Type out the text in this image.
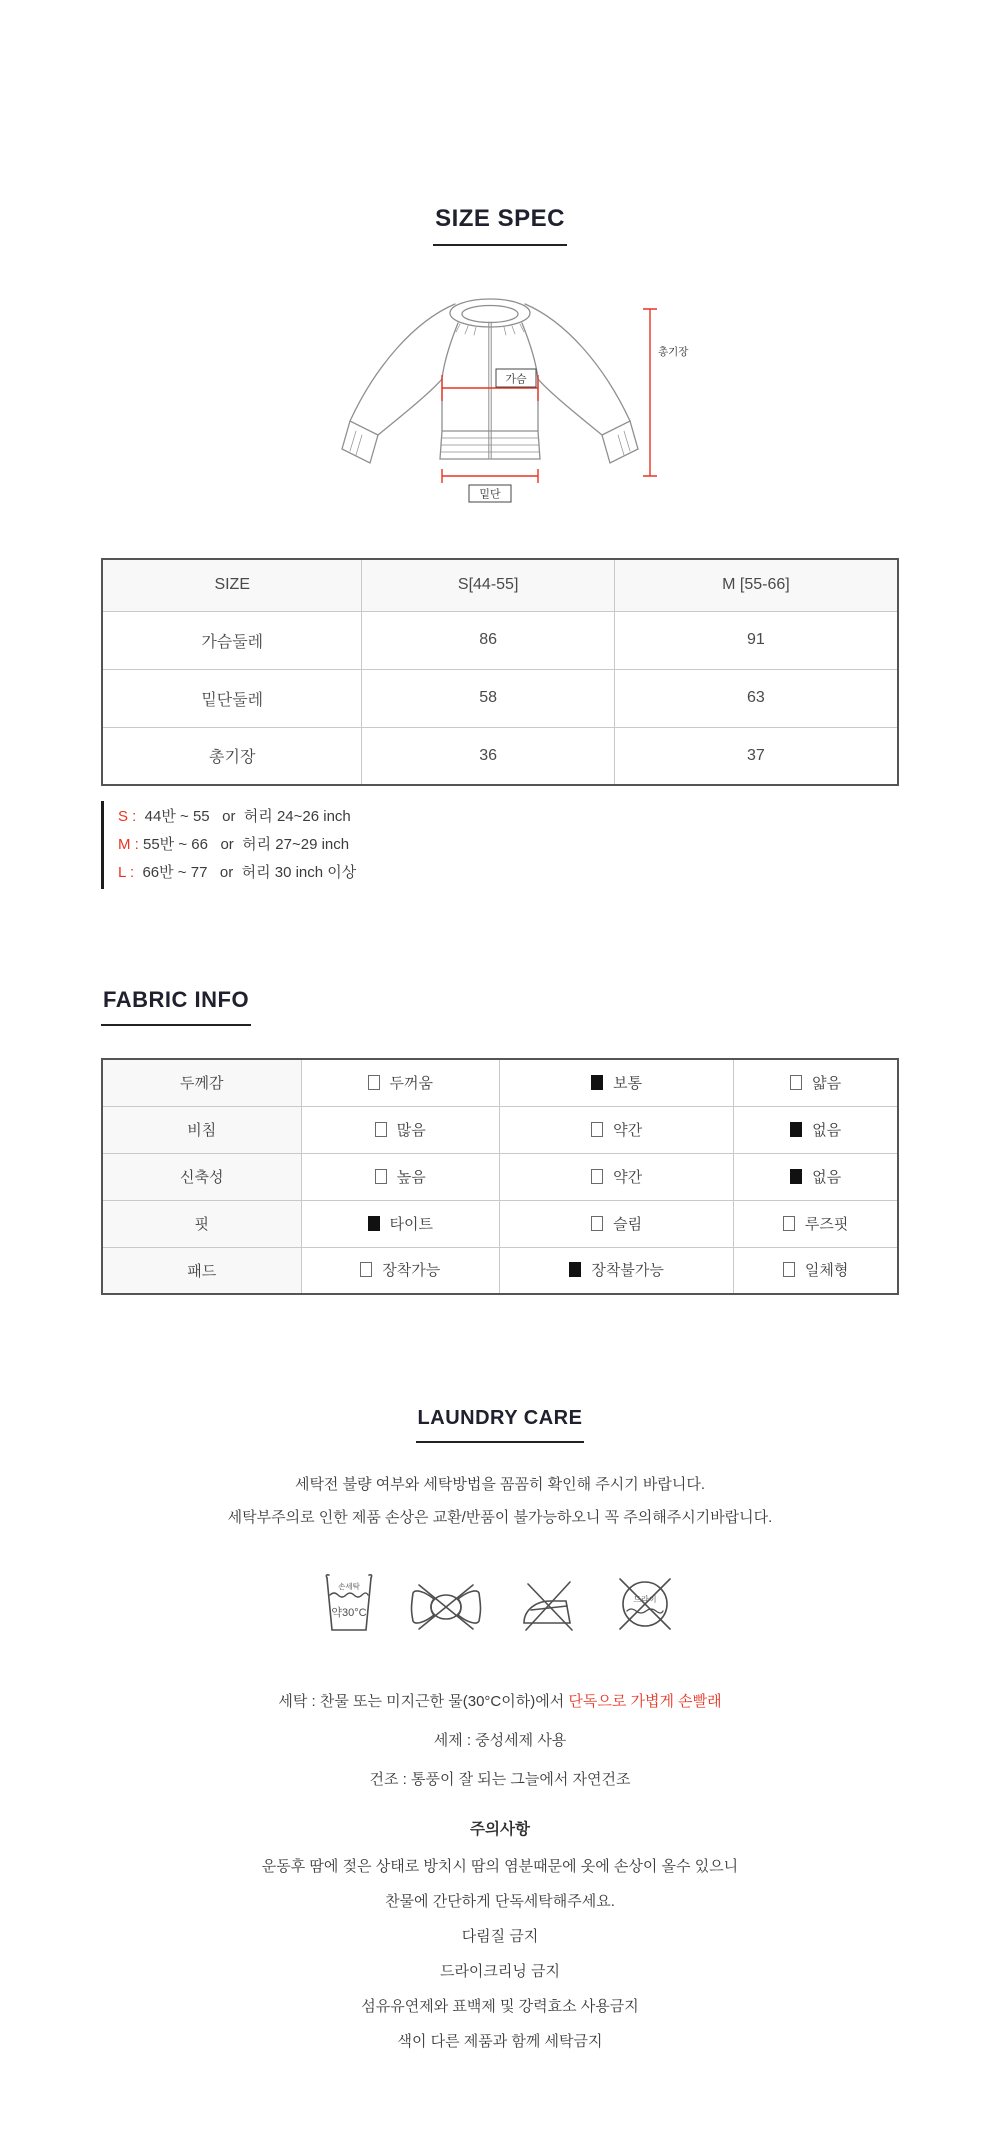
SIZE SPEC
가슴
밑단
총기장
SIZE	S[44-55]	M [55-66]
가슴둘레	86	91
밑단둘레	58	63
총기장	36	37
S :  44반 ~ 55   or  허리 24~26 inch
M : 55반 ~ 66   or  허리 27~29 inch
L :  66반 ~ 77   or  허리 30 inch 이상
FABRIC INFO
두께감	두꺼움	보통	얇음

비침	많음	약간	없음

신축성	높음	약간	없음

핏	타이트	슬림	루즈핏

패드	장착가능	장착불가능	일체형
LAUNDRY CARE

세탁전 불량 여부와 세탁방법을 꼼꼼히 확인해 주시기 바랍니다.

세탁부주의로 인한 제품 손상은 교환/반품이 불가능하오니 꼭 주의해주시기바랍니다.

손세탁
약30°C
드라이

세탁 : 찬물 또는 미지근한 물(30°C이하)에서 단독으로 가볍게 손빨래

세제 : 중성세제 사용

건조 : 통풍이 잘 되는 그늘에서 자연건조

주의사항

운동후 땀에 젖은 상태로 방치시 땀의 염분때문에 옷에 손상이 올수 있으니

찬물에 간단하게 단독세탁해주세요.

다림질 금지

드라이크리닝 금지

섬유유연제와 표백제 및 강력효소 사용금지

색이 다른 제품과 함께 세탁금지
